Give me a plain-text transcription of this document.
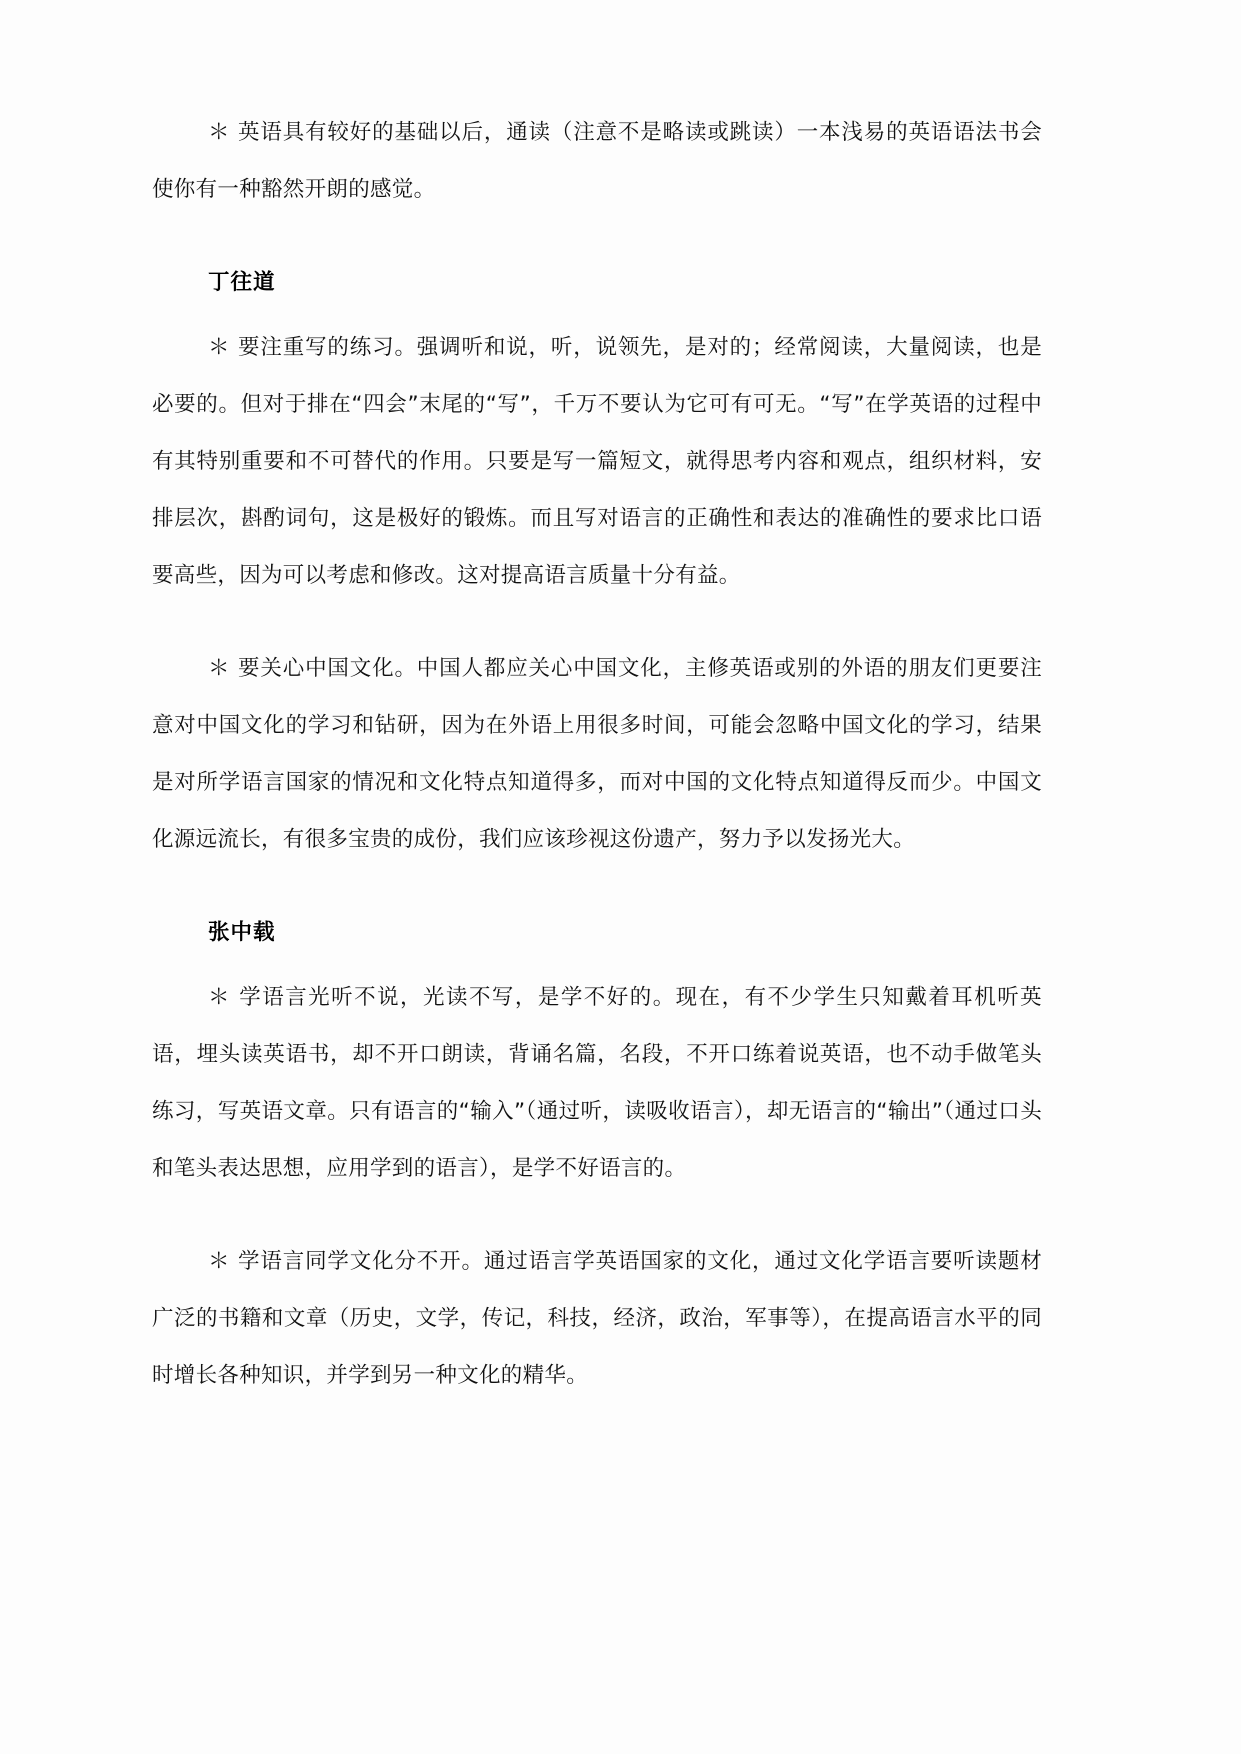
＊ 英语具有较好的基础以后，通读（注意不是略读或跳读）一本浅易的英语语法书会使你有一种豁然开朗的感觉。

丁往道

＊ 要注重写的练习。强调听和说，听，说领先，是对的；经常阅读，大量阅读，也是必要的。但对于排在“四会”末尾的“写”，千万不要认为它可有可无。“写”在学英语的过程中有其特别重要和不可替代的作用。只要是写一篇短文，就得思考内容和观点，组织材料，安排层次，斟酌词句，这是极好的锻炼。而且写对语言的正确性和表达的准确性的要求比口语要高些，因为可以考虑和修改。这对提高语言质量十分有益。

＊ 要关心中国文化。中国人都应关心中国文化，主修英语或别的外语的朋友们更要注意对中国文化的学习和钻研，因为在外语上用很多时间，可能会忽略中国文化的学习，结果是对所学语言国家的情况和文化特点知道得多，而对中国的文化特点知道得反而少。中国文化源远流长，有很多宝贵的成份，我们应该珍视这份遗产，努力予以发扬光大。

张中载

＊ 学语言光听不说，光读不写，是学不好的。现在，有不少学生只知戴着耳机听英语，埋头读英语书，却不开口朗读，背诵名篇，名段，不开口练着说英语，也不动手做笔头练习，写英语文章。只有语言的“输入”（通过听，读吸收语言），却无语言的“输出”（通过口头和笔头表达思想，应用学到的语言），是学不好语言的。

＊ 学语言同学文化分不开。通过语言学英语国家的文化，通过文化学语言要听读题材广泛的书籍和文章（历史，文学，传记，科技，经济，政治，军事等），在提高语言水平的同时增长各种知识，并学到另一种文化的精华。
